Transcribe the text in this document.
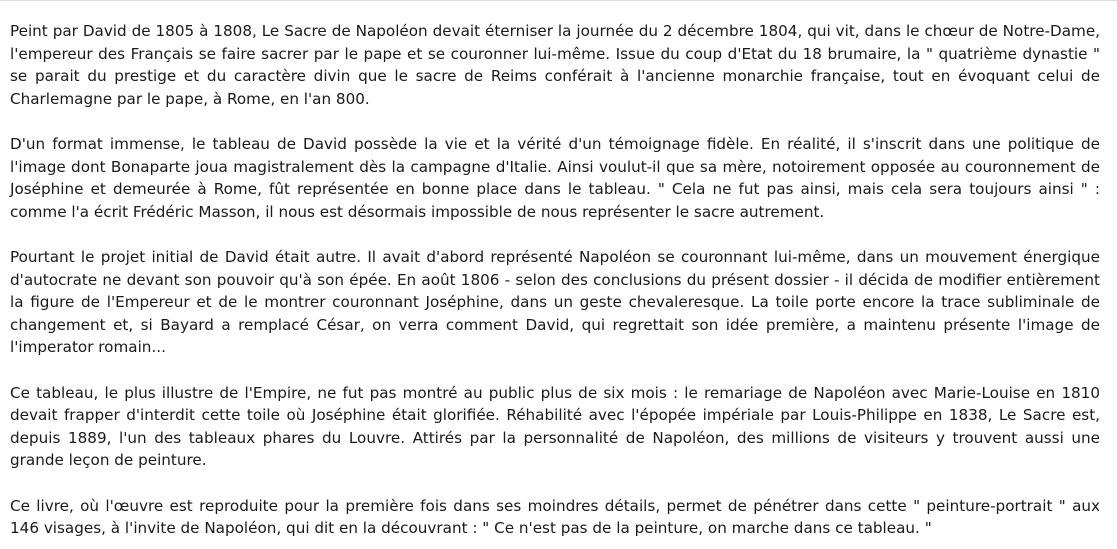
Peint par David de 1805 à 1808, Le Sacre de Napoléon devait éterniser la journée du 2 décembre 1804, qui vit, dans le chœur de Notre-Dame, l'empereur des Français se faire sacrer par le pape et se couronner lui-même. Issue du coup d'Etat du 18 brumaire, la " quatrième dynastie " se parait du prestige et du caractère divin que le sacre de Reims conférait à l'ancienne monarchie française, tout en évoquant celui de Charlemagne par le pape, à Rome, en l'an 800.

D'un format immense, le tableau de David possède la vie et la vérité d'un témoignage fidèle. En réalité, il s'inscrit dans une politique de l'image dont Bonaparte joua magistralement dès la campagne d'Italie. Ainsi voulut-il que sa mère, notoirement opposée au couronnement de Joséphine et demeurée à Rome, fût représentée en bonne place dans le tableau. " Cela ne fut pas ainsi, mais cela sera toujours ainsi " : comme l'a écrit Frédéric Masson, il nous est désormais impossible de nous représenter le sacre autrement.

Pourtant le projet initial de David était autre. Il avait d'abord représenté Napoléon se couronnant lui-même, dans un mouvement énergique d'autocrate ne devant son pouvoir qu'à son épée. En août 1806 - selon des conclusions du présent dossier - il décida de modifier entièrement la figure de l'Empereur et de le montrer couronnant Joséphine, dans un geste chevaleresque. La toile porte encore la trace subliminale de changement et, si Bayard a remplacé César, on verra comment David, qui regrettait son idée première, a maintenu présente l'image de l'imperator romain...

Ce tableau, le plus illustre de l'Empire, ne fut pas montré au public plus de six mois : le remariage de Napoléon avec Marie-Louise en 1810 devait frapper d'interdit cette toile où Joséphine était glorifiée. Réhabilité avec l'épopée impériale par Louis-Philippe en 1838, Le Sacre est, depuis 1889, l'un des tableaux phares du Louvre. Attirés par la personnalité de Napoléon, des millions de visiteurs y trouvent aussi une grande leçon de peinture.

Ce livre, où l'œuvre est reproduite pour la première fois dans ses moindres détails, permet de pénétrer dans cette " peinture-portrait " aux 146 visages, à l'invite de Napoléon, qui dit en la découvrant : " Ce n'est pas de la peinture, on marche dans ce tableau. "
